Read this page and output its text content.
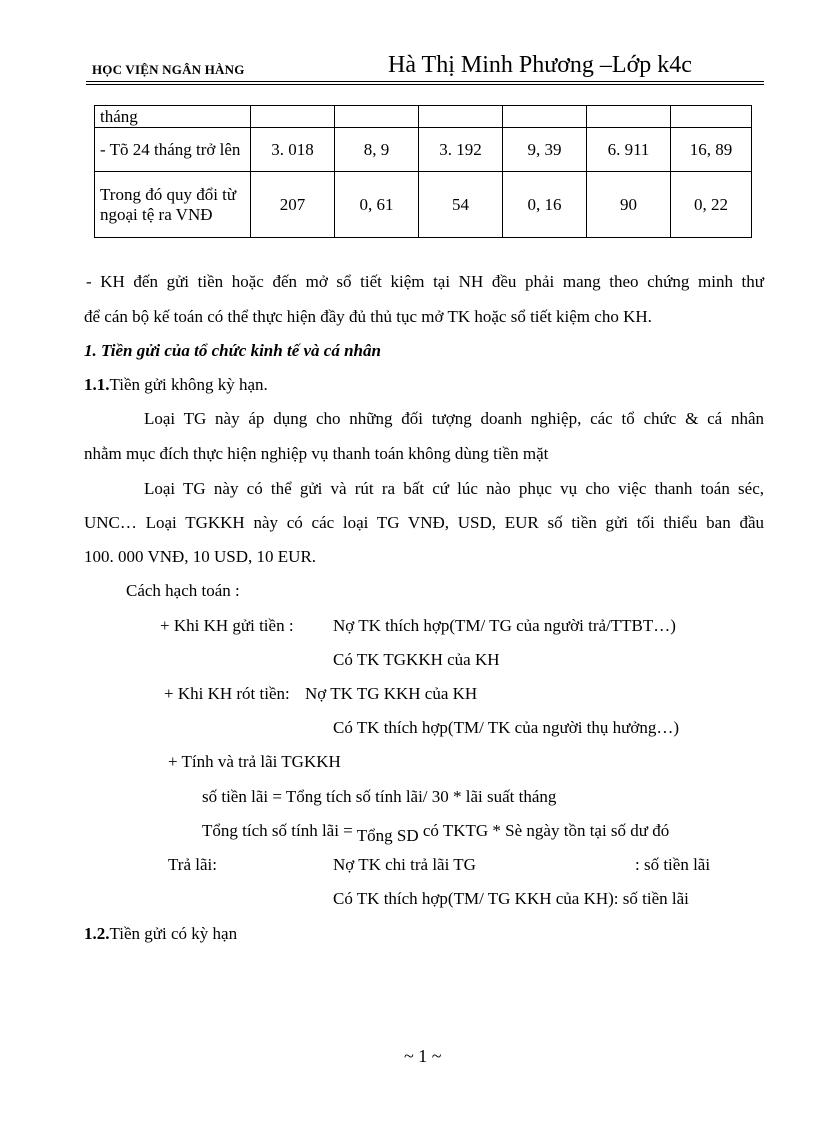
HỌC VIỆN NGÂN HÀNG	Hà Thị Minh Phương –Lớp k4c
tháng						
- Tõ 24 tháng trở lên	3. 018	8, 9	3. 192	9, 39	6. 911	16, 89
Trong đó quy đổi từ ngoại tệ ra VNĐ	207	0, 61	54	0, 16	90	0, 22
- KH đến gửi tiền hoặc đến mở sổ tiết kiệm tại NH đều phải mang theo chứng minh thư
để cán bộ kế toán có thể thực hiện đầy đủ thủ tục mở TK hoặc sổ tiết kiệm cho KH.
1. Tiền gửi của tổ chức kinh tế và cá nhân
1.1.Tiền gửi không kỳ hạn.
Loại TG này áp dụng cho những đối tượng doanh nghiệp, các tổ chức & cá nhân
nhằm mục đích thực hiện nghiệp vụ thanh toán không dùng tiền mặt
Loại TG này có thể gửi và rút ra bất cứ lúc nào phục vụ cho việc thanh toán séc,
UNC… Loại TGKKH này có các loại TG VNĐ, USD, EUR số tiền gửi tối thiểu ban đầu
100. 000 VNĐ, 10 USD, 10 EUR.
Cách hạch toán :
+ Khi KH gửi tiền : Nợ TK thích hợp(TM/ TG của người trả/TTBT…)
Có TK TGKKH của KH
+ Khi KH rót tiền: Nợ TK TG KKH của KH
Có TK thích hợp(TM/ TK của người thụ hưởng…)
+ Tính và trả lãi TGKKH
số tiền lãi = Tổng tích số tính lãi/ 30 * lãi suất tháng
Tổng tích số tính lãi = Tổng SD có TKTG * Sè ngày tồn tại số dư đó
Trả lãi:	Nợ TK chi trả lãi TG	: số tiền lãi
Có TK thích hợp(TM/ TG KKH của KH): số tiền lãi
1.2.Tiền gửi có kỳ hạn
~ 1 ~
